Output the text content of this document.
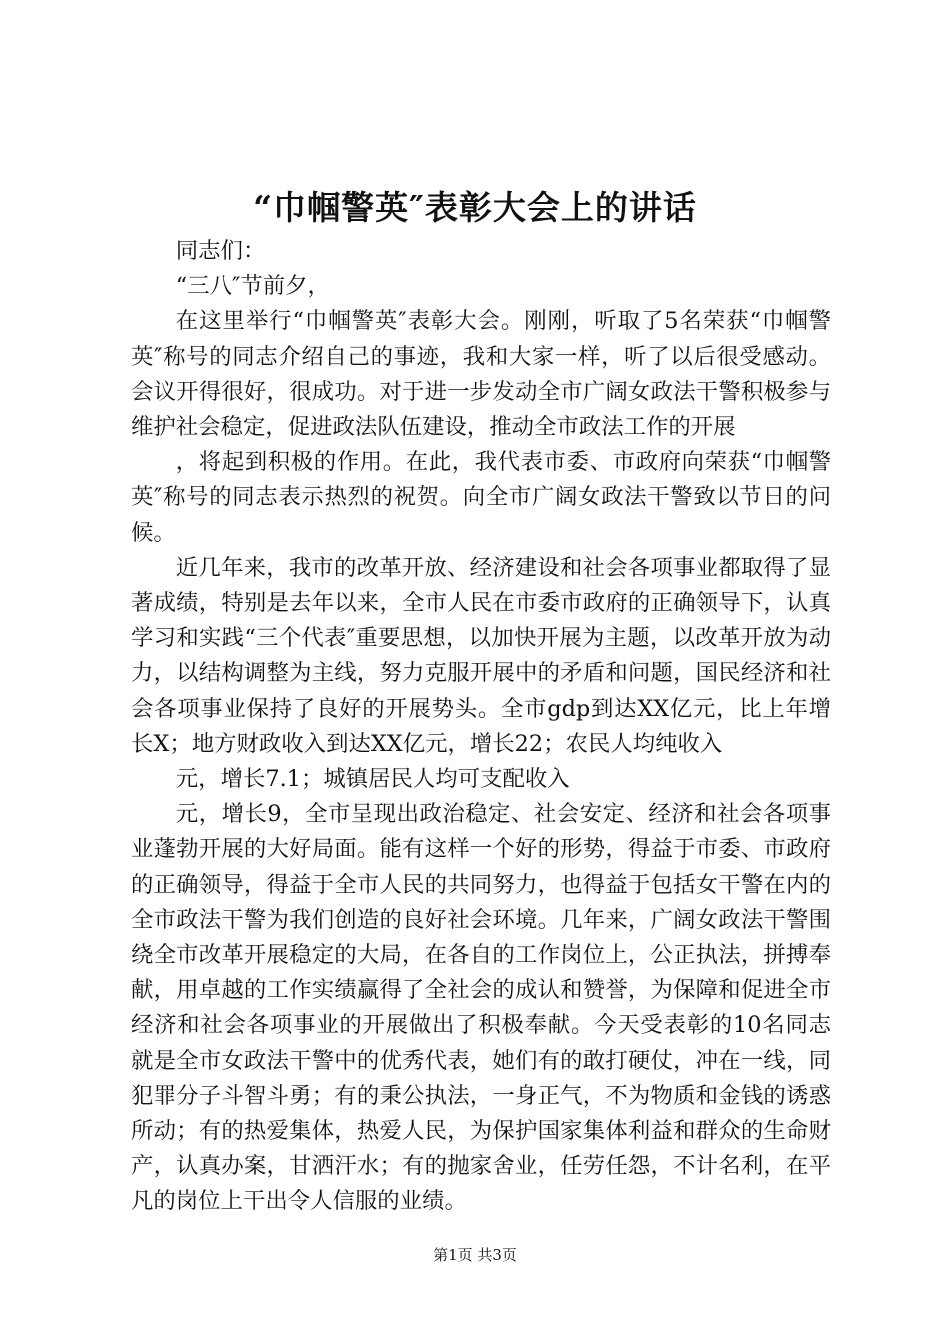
“巾帼警英″表彰大会上的讲话

同志们：

“三八″节前夕，

在这里举行“巾帼警英″表彰大会。刚刚，听取了5名荣获“巾帼警英″称号的同志介绍自己的事迹，我和大家一样，听了以后很受感动。会议开得很好，很成功。对于进一步发动全市广阔女政法干警积极参与维护社会稳定，促进政法队伍建设，推动全市政法工作的开展

，将起到积极的作用。在此，我代表市委、市政府向荣获“巾帼警英″称号的同志表示热烈的祝贺。向全市广阔女政法干警致以节日的问候。

近几年来，我市的改革开放、经济建设和社会各项事业都取得了显著成绩，特别是去年以来，全市人民在市委市政府的正确领导下，认真学习和实践“三个代表″重要思想，以加快开展为主题，以改革开放为动力，以结构调整为主线，努力克服开展中的矛盾和问题，国民经济和社会各项事业保持了良好的开展势头。全市gdp到达XX亿元，比上年增长X；地方财政收入到达XX亿元，增长22；农民人均纯收入

元，增长7.1；城镇居民人均可支配收入

元，增长9，全市呈现出政治稳定、社会安定、经济和社会各项事业蓬勃开展的大好局面。能有这样一个好的形势，得益于市委、市政府的正确领导，得益于全市人民的共同努力，也得益于包括女干警在内的全市政法干警为我们创造的良好社会环境。几年来，广阔女政法干警围绕全市改革开展稳定的大局，在各自的工作岗位上，公正执法，拼搏奉献，用卓越的工作实绩赢得了全社会的成认和赞誉，为保障和促进全市经济和社会各项事业的开展做出了积极奉献。今天受表彰的10名同志就是全市女政法干警中的优秀代表，她们有的敢打硬仗，冲在一线，同犯罪分子斗智斗勇；有的秉公执法，一身正气，不为物质和金钱的诱惑所动；有的热爱集体，热爱人民，为保护国家集体利益和群众的生命财产，认真办案，甘洒汗水；有的抛家舍业，任劳任怨，不计名利，在平凡的岗位上干出令人信服的业绩。

第1页 共3页
